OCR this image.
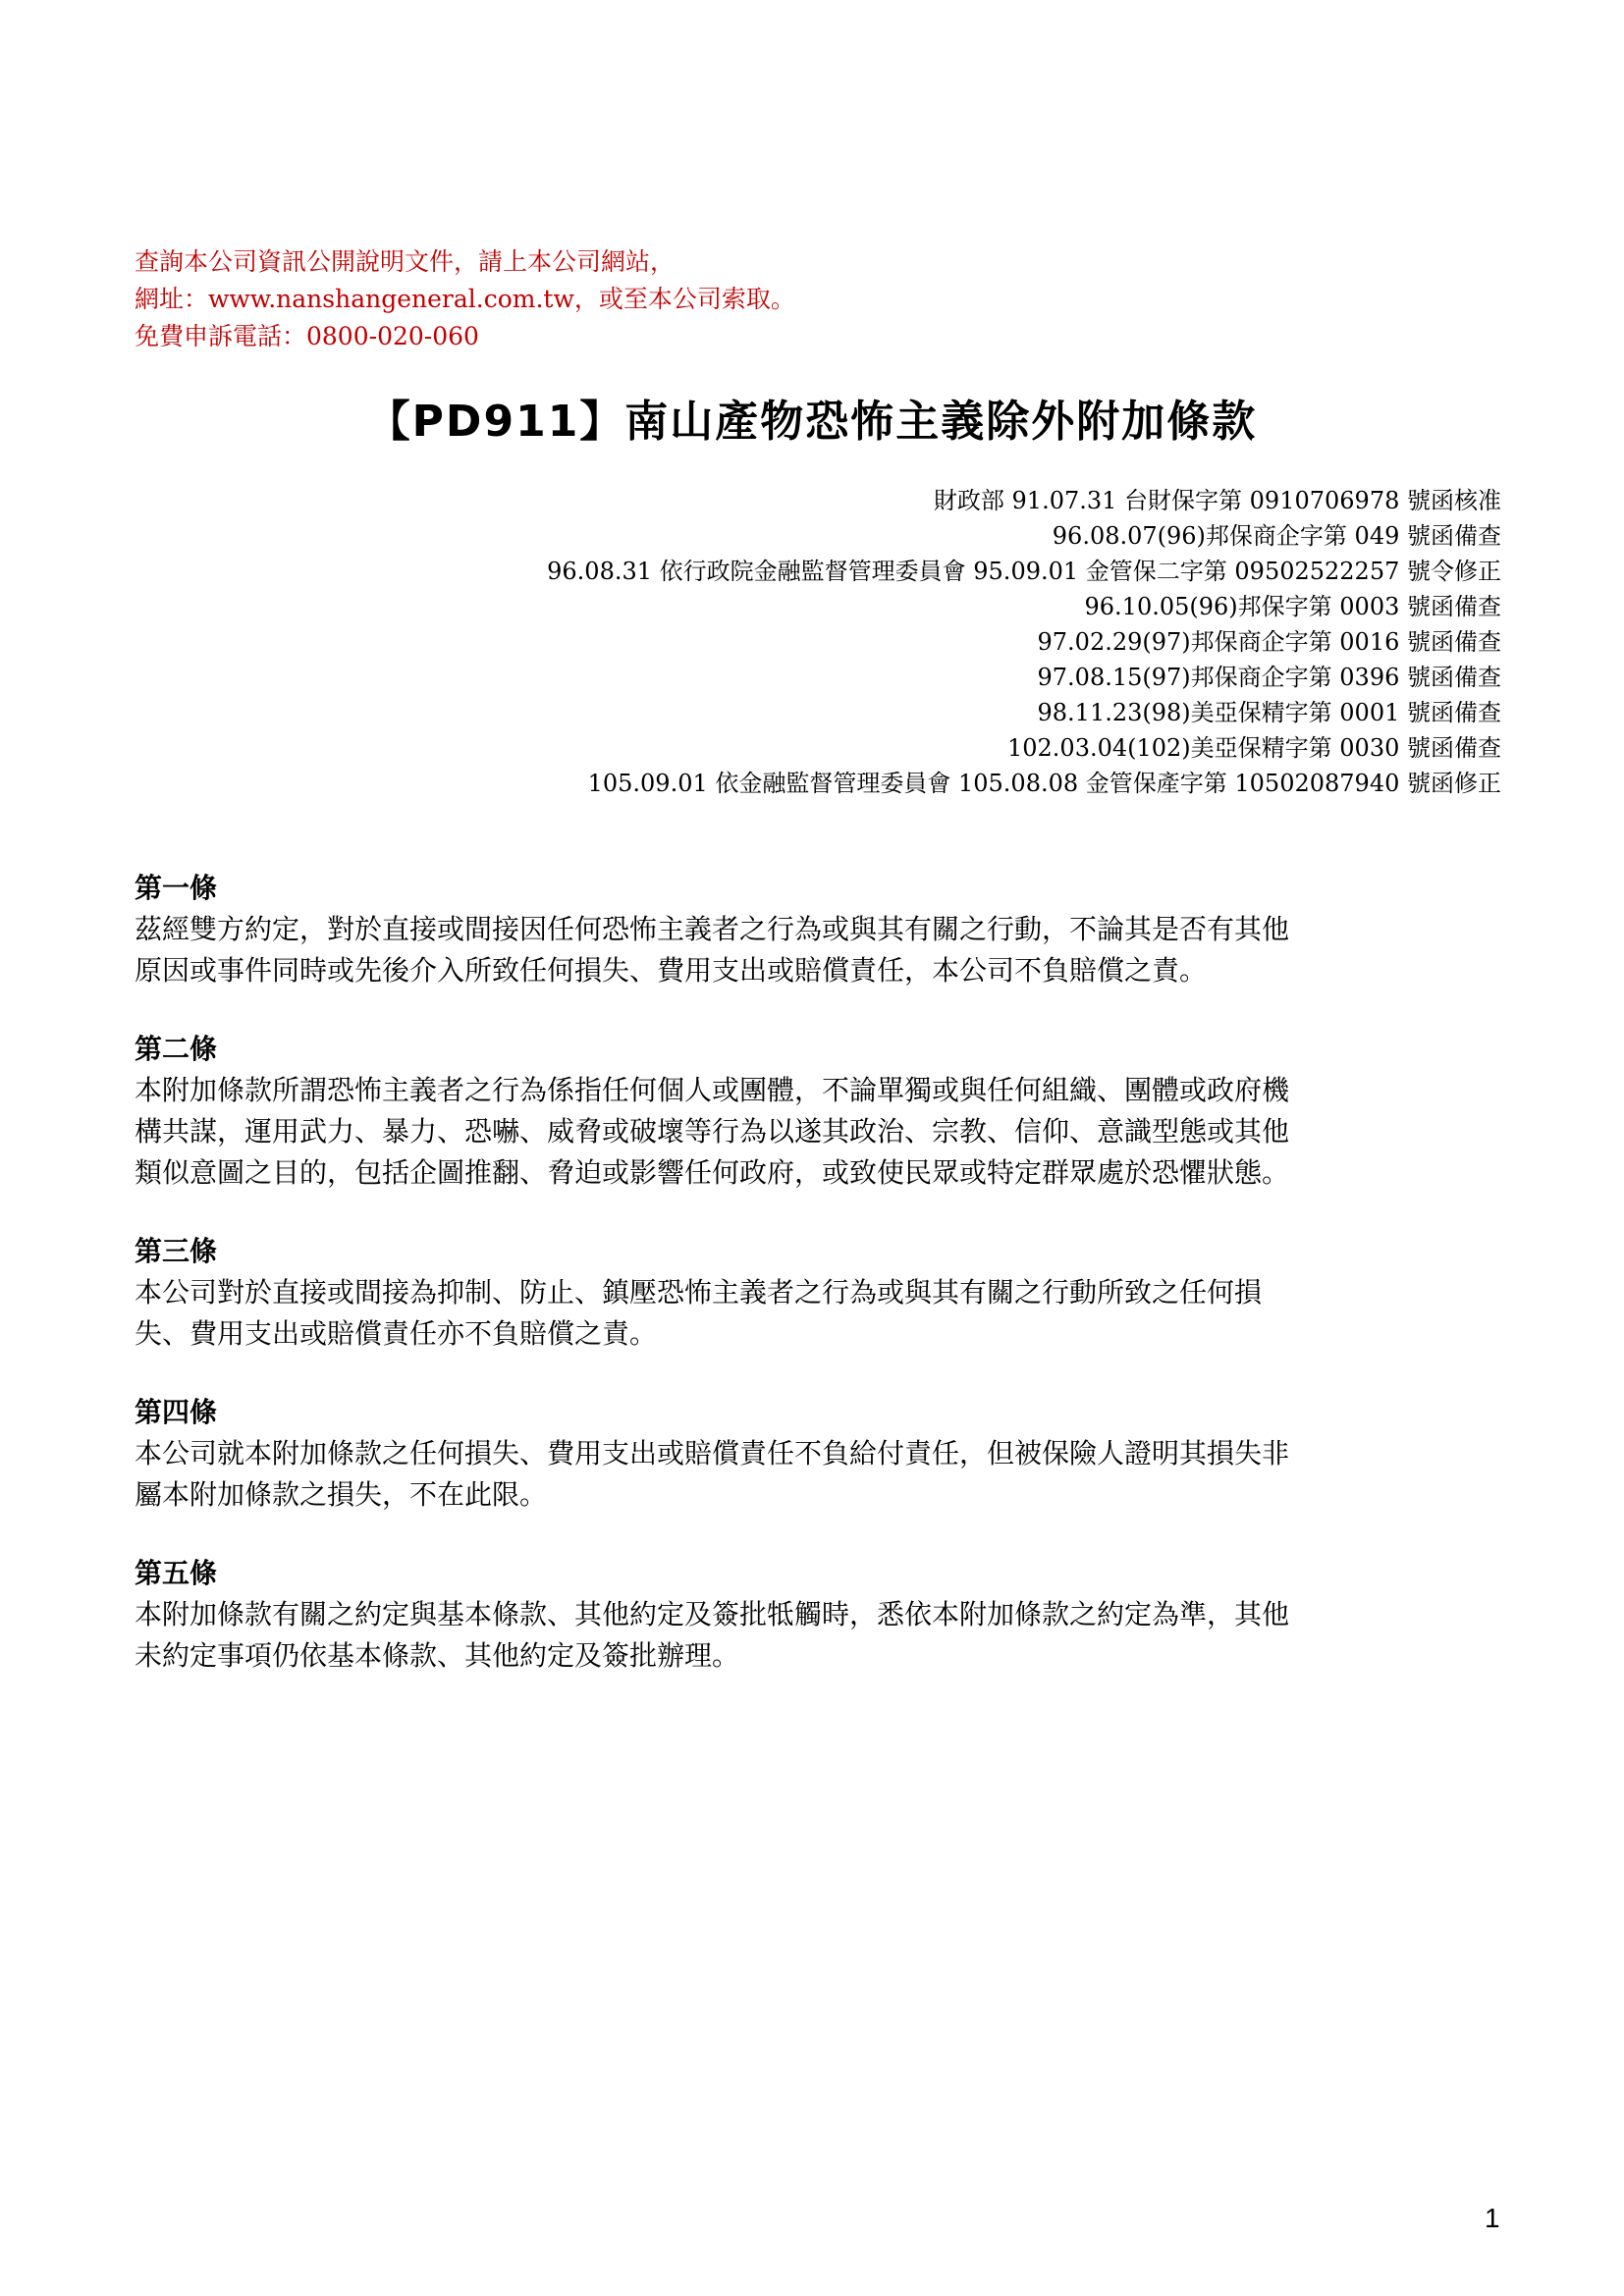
查詢本公司資訊公開說明文件，請上本公司網站，
網址：www.nanshangeneral.com.tw，或至本公司索取。
免費申訴電話：0800-020-060
【PD911】南山產物恐怖主義除外附加條款
財政部 91.07.31 台財保字第 0910706978 號函核准
96.08.07(96)邦保商企字第 049 號函備查
96.08.31 依行政院金融監督管理委員會 95.09.01 金管保二字第 09502522257 號令修正
96.10.05(96)邦保字第 0003 號函備查
97.02.29(97)邦保商企字第 0016 號函備查
97.08.15(97)邦保商企字第 0396 號函備查
98.11.23(98)美亞保精字第 0001 號函備查
102.03.04(102)美亞保精字第 0030 號函備查
105.09.01 依金融監督管理委員會 105.08.08 金管保產字第 10502087940 號函修正
第一條
茲經雙方約定，對於直接或間接因任何恐怖主義者之行為或與其有關之行動，不論其是否有其他
原因或事件同時或先後介入所致任何損失、費用支出或賠償責任，本公司不負賠償之責。
第二條
本附加條款所謂恐怖主義者之行為係指任何個人或團體，不論單獨或與任何組織、團體或政府機
構共謀，運用武力、暴力、恐嚇、威脅或破壞等行為以遂其政治、宗教、信仰、意識型態或其他
類似意圖之目的，包括企圖推翻、脅迫或影響任何政府，或致使民眾或特定群眾處於恐懼狀態。
第三條
本公司對於直接或間接為抑制、防止、鎮壓恐怖主義者之行為或與其有關之行動所致之任何損
失、費用支出或賠償責任亦不負賠償之責。
第四條
本公司就本附加條款之任何損失、費用支出或賠償責任不負給付責任，但被保險人證明其損失非
屬本附加條款之損失，不在此限。
第五條
本附加條款有關之約定與基本條款、其他約定及簽批牴觸時，悉依本附加條款之約定為準，其他
未約定事項仍依基本條款、其他約定及簽批辦理。
1
